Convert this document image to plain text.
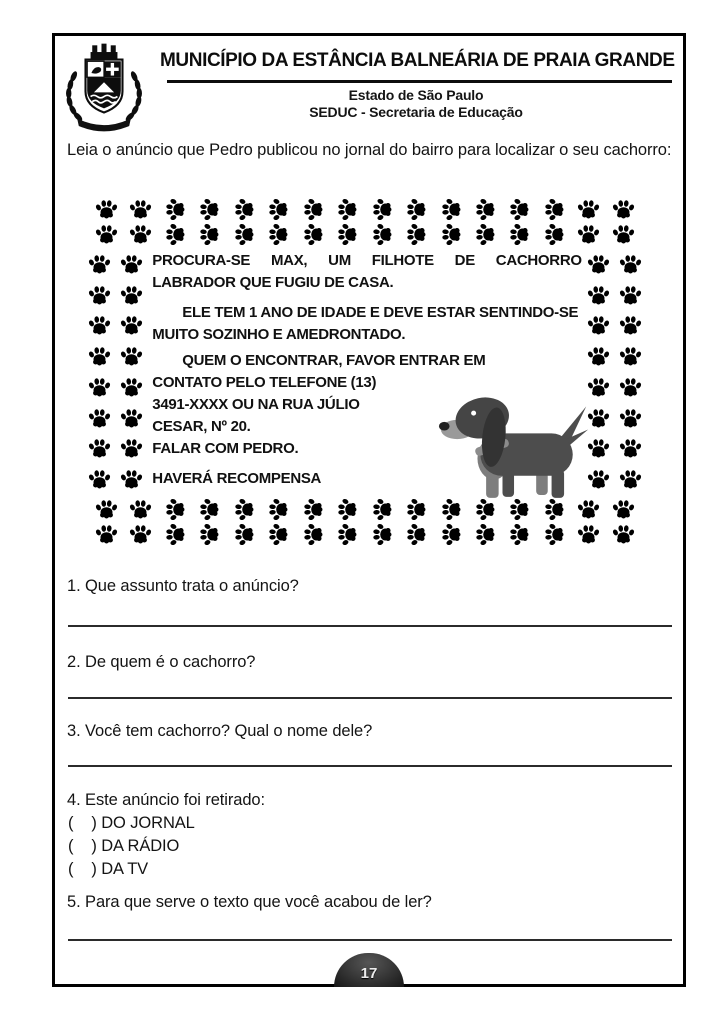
MUNICÍPIO DA ESTÂNCIA BALNEÁRIA DE PRAIA GRANDE
Estado de São Paulo
SEDUC - Secretaria de Educação
Leia o anúncio que Pedro publicou no jornal do bairro para localizar o seu cachorro:
PROCURA-SE MAX, UM FILHOTE DE CACHORRO
LABRADOR QUE FUGIU DE CASA.
ELE TEM 1 ANO DE IDADE E DEVE ESTAR SENTINDO-SE
MUITO SOZINHO E AMEDRONTADO.
QUEM O ENCONTRAR, FAVOR ENTRAR EM
CONTATO PELO TELEFONE (13)
3491-XXXX OU NA RUA JÚLIO
CESAR, Nº 20.
FALAR COM PEDRO.
HAVERÁ RECOMPENSA
1. Que assunto trata o anúncio?
2. De quem é o cachorro?
3. Você tem cachorro? Qual o nome dele?
4. Este anúncio foi retirado:
(    ) DO JORNAL
(    ) DA RÁDIO
(    ) DA TV
5. Para que serve o texto que você acabou de ler?
17
